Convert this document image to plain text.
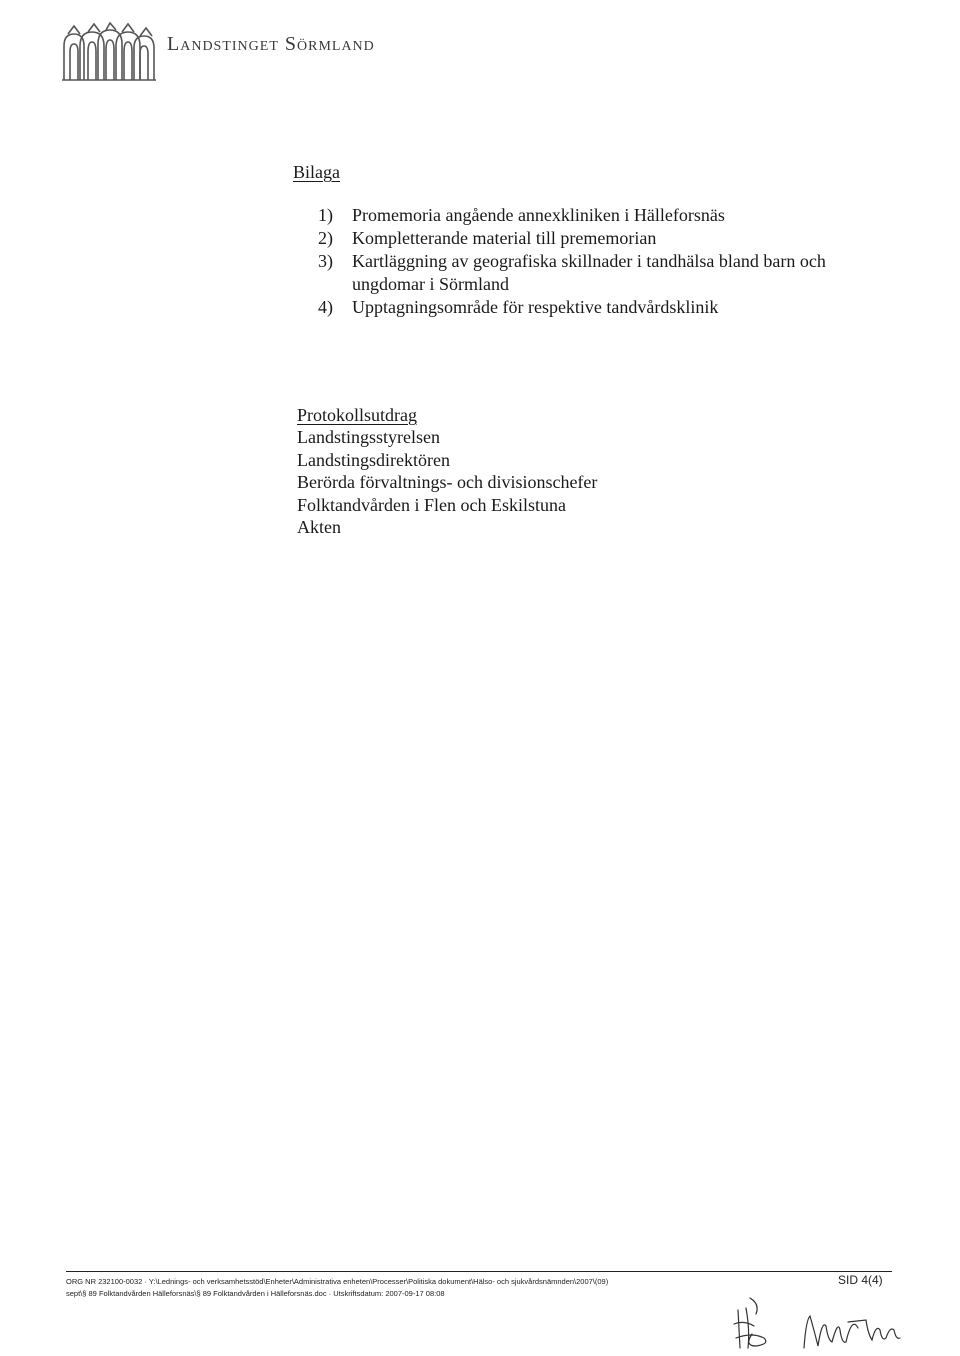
Landstinget Sörmland
Bilaga
1)	Promemoria angående annexkliniken i Hälleforsnäs
2)	Kompletterande material till prememorian
3)	Kartläggning av geografiska skillnader i tandhälsa bland barn och ungdomar i Sörmland
4)	Upptagningsområde för respektive tandvårdsklinik
Protokollsutdrag
Landstingsstyrelsen
Landstingsdirektören
Berörda förvaltnings- och divisionschefer
Folktandvården i Flen och Eskilstuna
Akten
ORG NR 232100-0032 · Y:\Lednings- och verksamhetsstöd\Enheter\Administrativa enheten\Processer\Politiska dokument\Hälso- och sjukvårdsnämnden\2007\(09)
sept\§ 89 Folktandvården Hälleforsnäs\§ 89 Folktandvården i Hälleforsnäs.doc · Utskriftsdatum: 2007-09-17 08:08
SID 4(4)
